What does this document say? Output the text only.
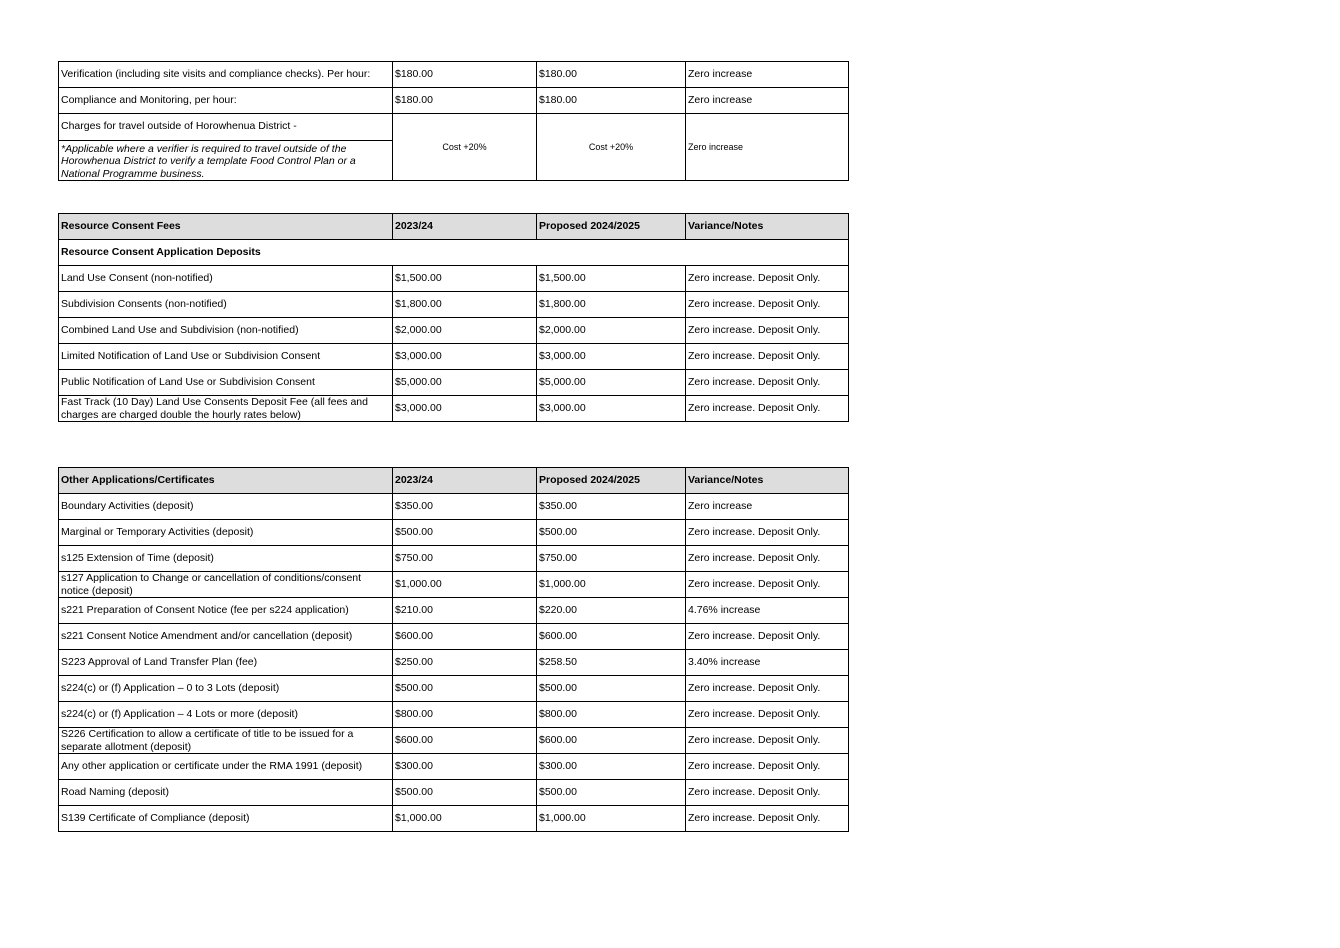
Verification (including site visits and compliance checks). Per hour:	$180.00	$180.00	Zero increase
Compliance and Monitoring, per hour:	$180.00	$180.00	Zero increase

Charges for travel outside of Horowhenua District -
*Applicable where a verifier is required to travel outside of the Horowhenua District to verify a template Food Control Plan or a National Programme business.	Cost +20%	Cost +20%	Zero increase
Resource Consent Fees	2023/24	Proposed 2024/2025	Variance/Notes
Resource Consent Application Deposits			
Land Use Consent (non-notified)	$1,500.00	$1,500.00	Zero increase. Deposit Only.
Subdivision Consents (non-notified)	$1,800.00	$1,800.00	Zero increase. Deposit Only.
Combined Land Use and Subdivision (non-notified)	$2,000.00	$2,000.00	Zero increase. Deposit Only.
Limited Notification of Land Use or Subdivision Consent	$3,000.00	$3,000.00	Zero increase. Deposit Only.
Public Notification of Land Use or Subdivision Consent	$5,000.00	$5,000.00	Zero increase. Deposit Only.
Fast Track (10 Day) Land Use Consents Deposit Fee (all fees and charges are charged double the hourly rates below)	$3,000.00	$3,000.00	Zero increase. Deposit Only.
Other Applications/Certificates	2023/24	Proposed 2024/2025	Variance/Notes
Boundary Activities (deposit)	$350.00	$350.00	Zero increase
Marginal or Temporary Activities (deposit)	$500.00	$500.00	Zero increase. Deposit Only.
s125 Extension of Time (deposit)	$750.00	$750.00	Zero increase. Deposit Only.
s127 Application to Change or cancellation of conditions/consent notice (deposit)	$1,000.00	$1,000.00	Zero increase. Deposit Only.
s221 Preparation of Consent Notice (fee per s224 application)	$210.00	$220.00	4.76% increase
s221 Consent Notice Amendment and/or cancellation (deposit)	$600.00	$600.00	Zero increase. Deposit Only.
S223 Approval of Land Transfer Plan (fee)	$250.00	$258.50	3.40% increase
s224(c) or (f) Application – 0 to 3 Lots (deposit)	$500.00	$500.00	Zero increase. Deposit Only.
s224(c) or (f) Application – 4 Lots or more (deposit)	$800.00	$800.00	Zero increase. Deposit Only.
S226 Certification to allow a certificate of title to be issued for a separate allotment (deposit)	$600.00	$600.00	Zero increase. Deposit Only.
Any other application or certificate under the RMA 1991 (deposit)	$300.00	$300.00	Zero increase. Deposit Only.
Road Naming (deposit)	$500.00	$500.00	Zero increase. Deposit Only.
S139 Certificate of Compliance (deposit)	$1,000.00	$1,000.00	Zero increase. Deposit Only.
